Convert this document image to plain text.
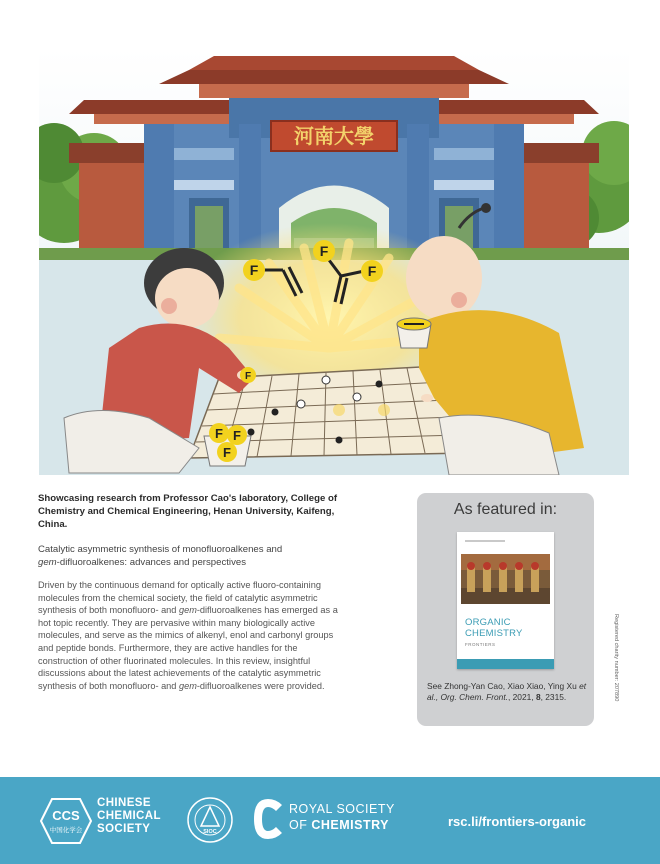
河南大學
F
F
F
F F
F
F

Showcasing research from Professor Cao's laboratory, College of Chemistry and Chemical Engineering, Henan University, Kaifeng, China.

Catalytic asymmetric synthesis of monofluoroalkenes and
gem-difluoroalkenes: advances and perspectives

Driven by the continuous demand for optically active fluoro-containing molecules from the chemical society, the field of catalytic asymmetric synthesis of both monofluoro- and gem-difluoroalkenes has emerged as a hot topic recently. They are pervasive within many biologically active molecules, and serve as the mimics of alkenyl, enol and carbonyl groups and peptide bonds. Furthermore, they are active handles for the construction of other fluorinated molecules. In this review, insightful discussions about the latest achievements of the catalytic asymmetric synthesis of both monofluoro- and gem-difluoroalkenes were provided.

As featured in:
ORGANIC
CHEMISTRY
FRONTIERS
See Zhong-Yan Cao, Xiao Xiao, Ying Xu et al., Org. Chem. Front., 2021, 8, 2315.	Registered charity number: 207890
CCS
中国化学会
CHINESE
CHEMICAL
SOCIETY	SIOC
ROYAL SOCIETY
OF CHEMISTRY	rsc.li/frontiers-organic
